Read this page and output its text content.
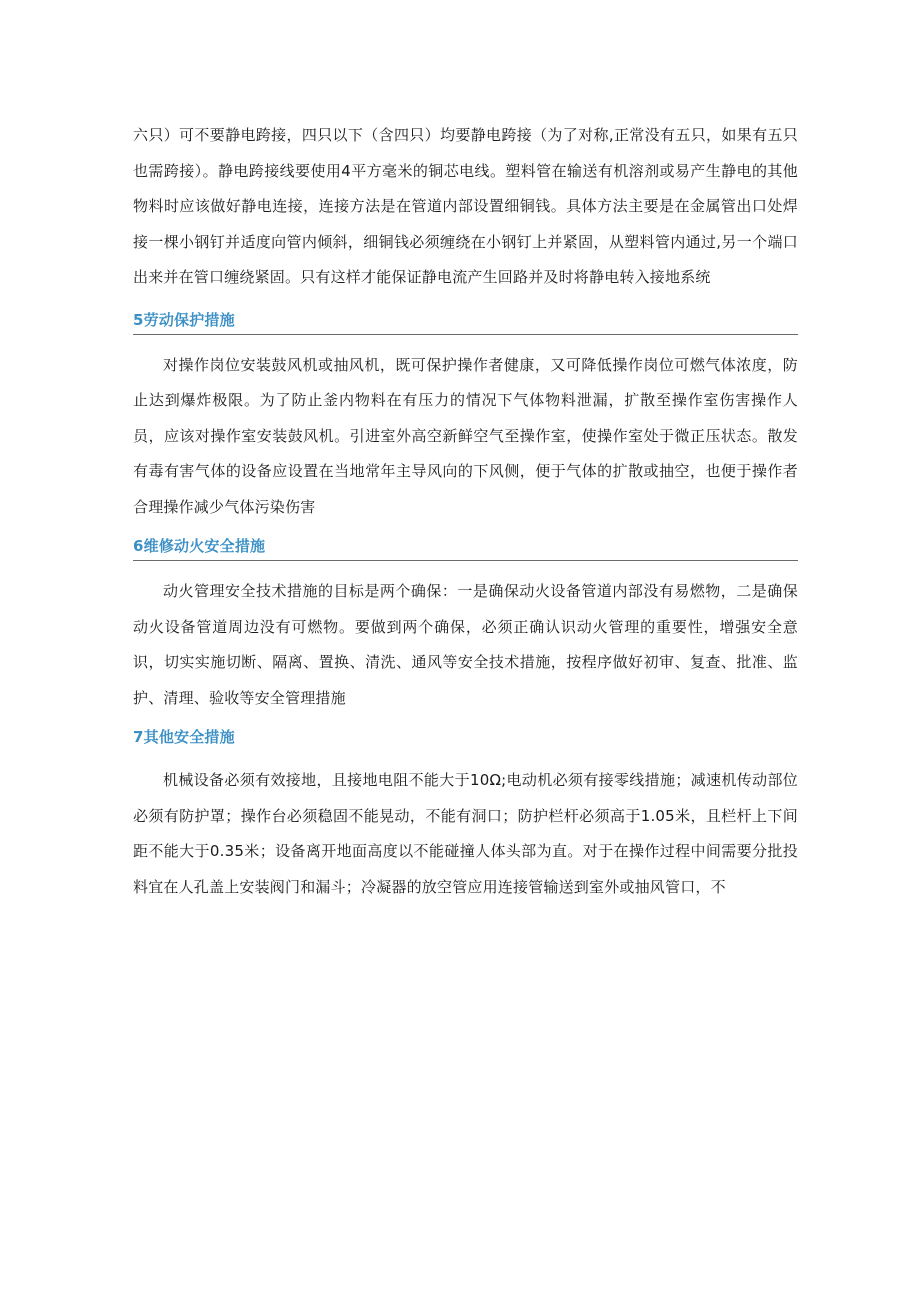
六只）可不要静电跨接，四只以下（含四只）均要静电跨接（为了对称,正常没有五只，如果有五只也需跨接）。静电跨接线要使用4平方毫米的铜芯电线。塑料管在输送有机溶剂或易产生静电的其他物料时应该做好静电连接，连接方法是在管道内部设置细铜钱。具体方法主要是在金属管出口处焊接一棵小钢钉并适度向管内倾斜，细铜钱必须缠绕在小钢钉上并紧固，从塑料管内通过,另一个端口出来并在管口缠绕紧固。只有这样才能保证静电流产生回路并及时将静电转入接地系统

5劳动保护措施

对操作岗位安装鼓风机或抽风机，既可保护操作者健康，又可降低操作岗位可燃气体浓度，防止达到爆炸极限。为了防止釜内物料在有压力的情况下气体物料泄漏，扩散至操作室伤害操作人员，应该对操作室安装鼓风机。引进室外高空新鲜空气至操作室，使操作室处于微正压状态。散发有毒有害气体的设备应设置在当地常年主导风向的下风侧，便于气体的扩散或抽空，也便于操作者合理操作减少气体污染伤害

6维修动火安全措施

动火管理安全技术措施的目标是两个确保：一是确保动火设备管道内部没有易燃物，二是确保动火设备管道周边没有可燃物。要做到两个确保，必须正确认识动火管理的重要性，增强安全意识，切实实施切断、隔离、置换、清洗、通风等安全技术措施，按程序做好初审、复查、批准、监护、清理、验收等安全管理措施

7其他安全措施

机械设备必须有效接地，且接地电阻不能大于10Ω;电动机必须有接零线措施；减速机传动部位必须有防护罩；操作台必须稳固不能晃动，不能有洞口；防护栏杆必须高于1.05米，且栏杆上下间距不能大于0.35米；设备离开地面高度以不能碰撞人体头部为直。对于在操作过程中间需要分批投料宜在人孔盖上安装阀门和漏斗；冷凝器的放空管应用连接管输送到室外或抽风管口，不
